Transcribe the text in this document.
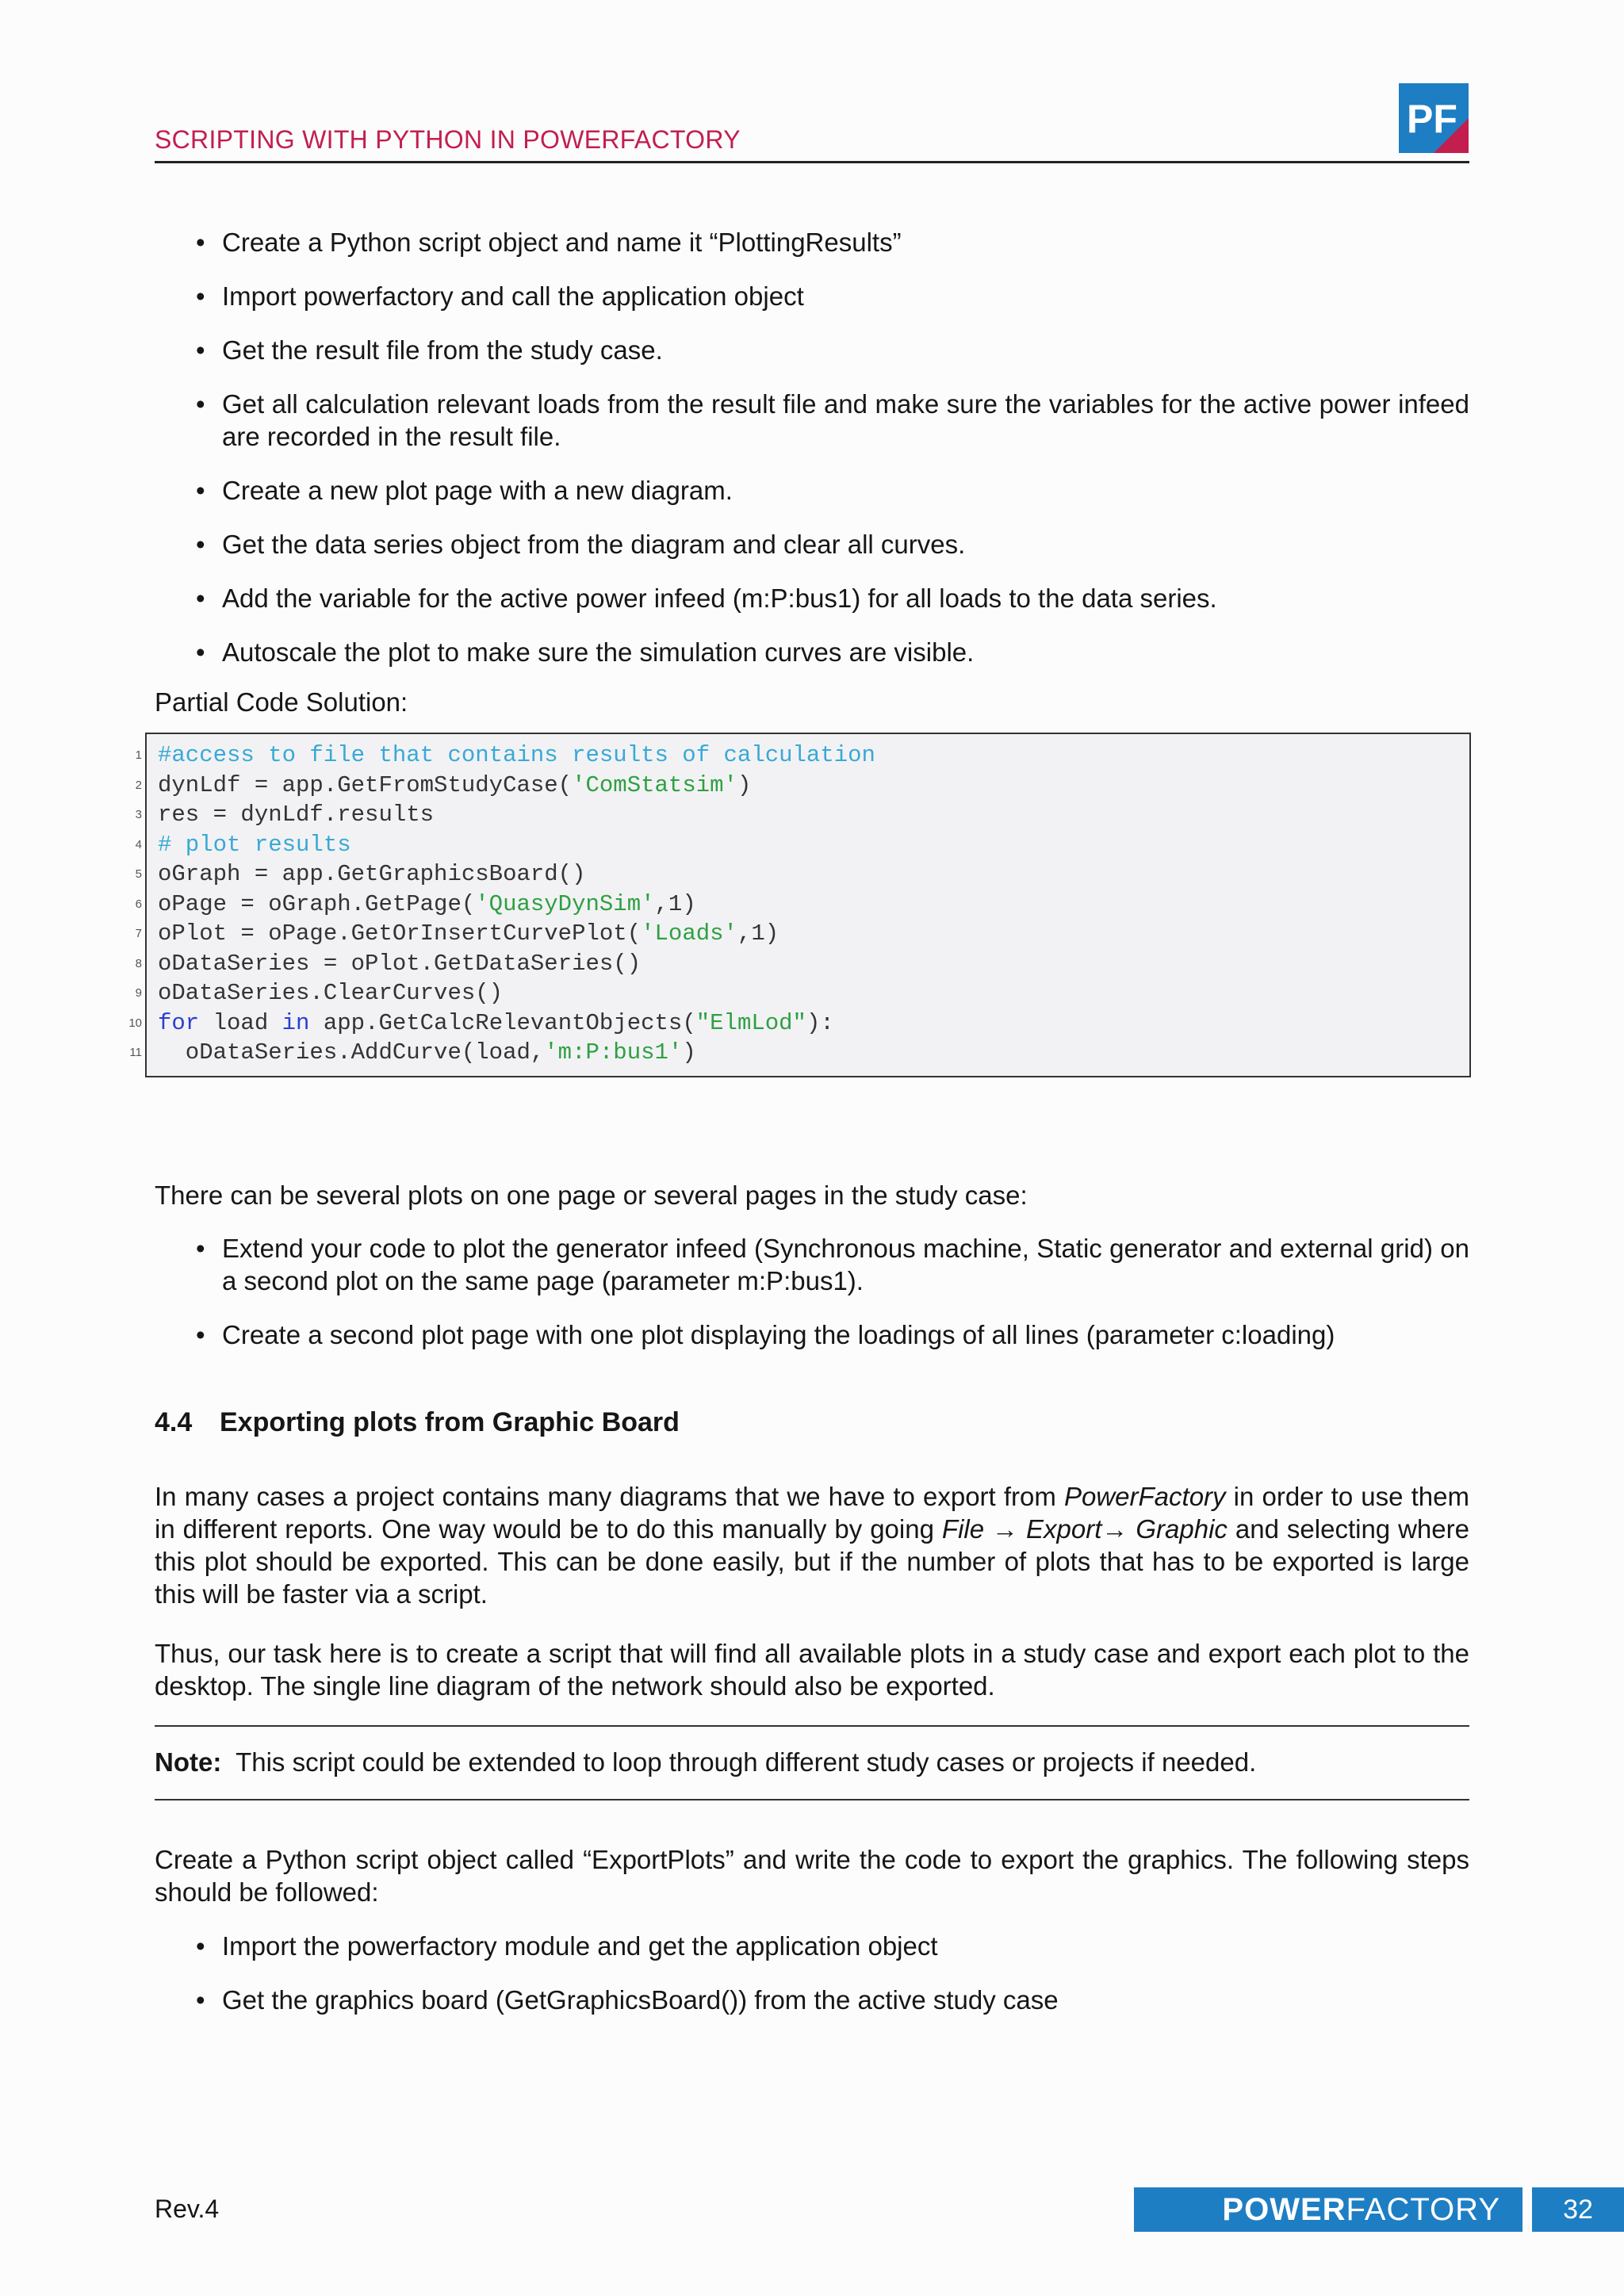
SCRIPTING WITH PYTHON IN POWERFACTORY	PF
• Create a Python script object and name it “PlottingResults”
• Import powerfactory and call the application object
• Get the result file from the study case.
• Get all calculation relevant loads from the result file and make sure the variables for the active power infeed are recorded in the result file.
• Create a new plot page with a new diagram.
• Get the data series object from the diagram and clear all curves.
• Add the variable for the active power infeed (m:P:bus1) for all loads to the data series.
• Autoscale the plot to make sure the simulation curves are visible.

Partial Code Solution:

1 #access to file that contains results of calculation
2 dynLdf = app.GetFromStudyCase('ComStatsim')
3 res = dynLdf.results
4 # plot results
5 oGraph = app.GetGraphicsBoard()
6 oPage = oGraph.GetPage('QuasyDynSim',1)
7 oPlot = oPage.GetOrInsertCurvePlot('Loads',1)
8 oDataSeries = oPlot.GetDataSeries()
9 oDataSeries.ClearCurves()
10 for load in app.GetCalcRelevantObjects("ElmLod"):
11 oDataSeries.AddCurve(load,'m:P:bus1')

There can be several plots on one page or several pages in the study case:

• Extend your code to plot the generator infeed (Synchronous machine, Static generator and external grid) on a second plot on the same page (parameter m:P:bus1).
• Create a second plot page with one plot displaying the loadings of all lines (parameter c:loading)
4.4 Exporting plots from Graphic Board

In many cases a project contains many diagrams that we have to export from PowerFactory in order to use them in different reports. One way would be to do this manually by going File → Export→ Graphic and selecting where this plot should be exported. This can be done easily, but if the number of plots that has to be exported is large this will be faster via a script.

Thus, our task here is to create a script that will find all available plots in a study case and export each plot to the desktop. The single line diagram of the network should also be exported.

Note: This script could be extended to loop through different study cases or projects if needed.

Create a Python script object called “ExportPlots” and write the code to export the graphics. The following steps should be followed:

• Import the powerfactory module and get the application object
• Get the graphics board (GetGraphicsBoard()) from the active study case
Rev.4	POWERFACTORY	32
